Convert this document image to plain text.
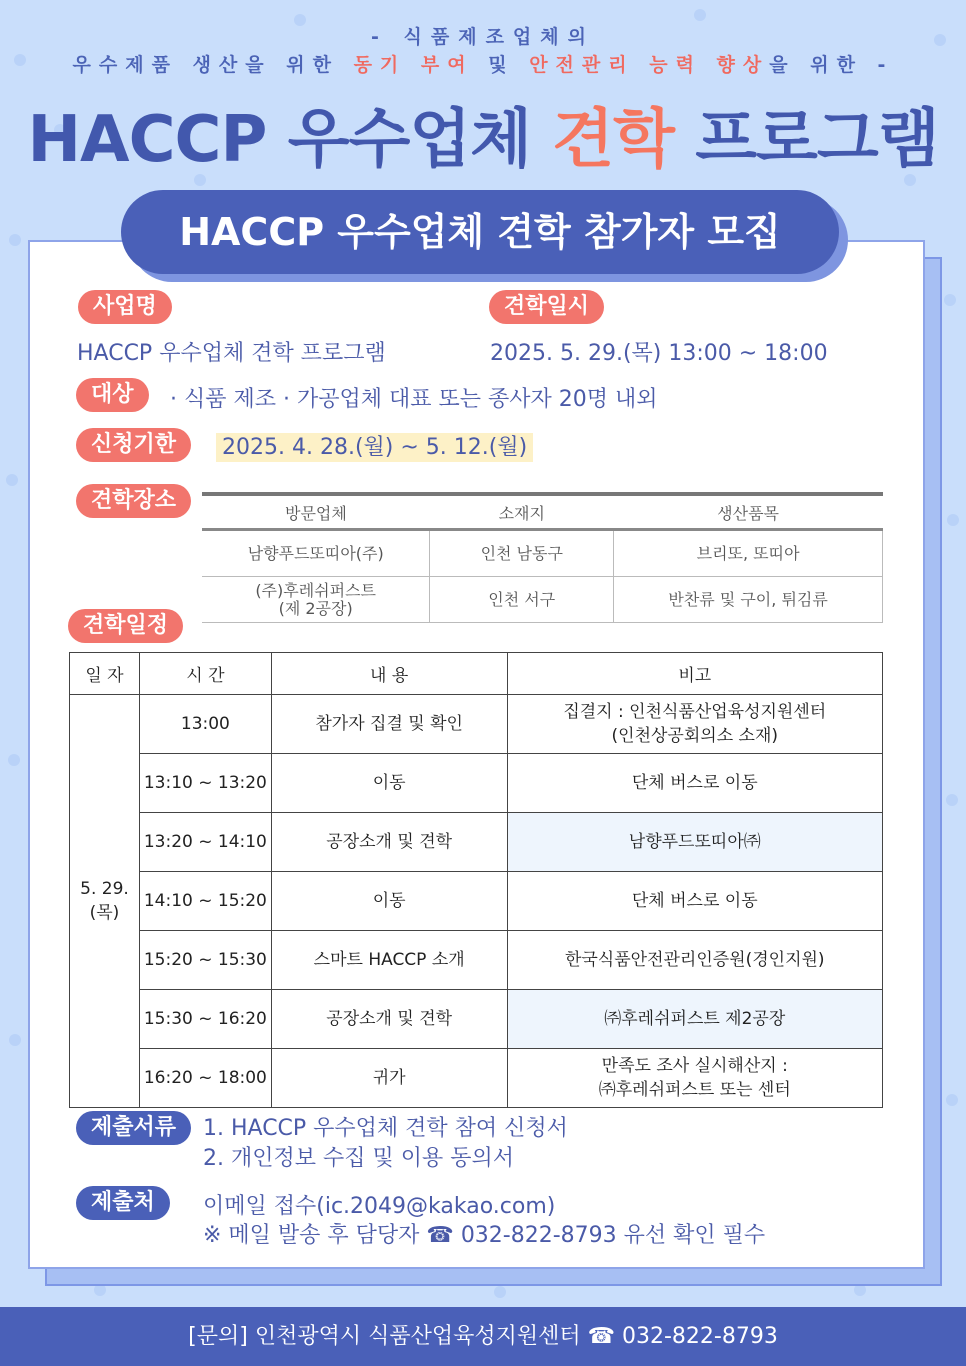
- 식품제조업체의
우수제품 생산을 위한 동기 부여 및 안전관리 능력 향상을 위한 -
HACCP 우수업체 견학 프로그램
HACCP 우수업체 견학 참가자 모집
사업명
HACCP 우수업체 견학 프로그램
견학일시
2025. 5. 29.(목) 13:00 ~ 18:00
대상	· 식품 제조 · 가공업체 대표 또는 종사자 20명 내외
신청기한	2025. 4. 28.(월) ~ 5. 12.(월)
견학장소	방문업체	소재지	생산품목
남향푸드또띠아(주)	인천 남동구	브리또, 또띠아
(주)후레쉬퍼스트
(제 2공장)	인천 서구	반찬류 및 구이, 튀김류
견학일정
일 자	시 간	내 용	비고
5. 29.
(목)	13:00	참가자 집결 및 확인	집결지 : 인천식품산업육성지원센터
(인천상공회의소 소재)
	13:10 ~ 13:20	이동	단체 버스로 이동
	13:20 ~ 14:10	공장소개 및 견학	남향푸드또띠아㈜
	14:10 ~ 15:20	이동	단체 버스로 이동
	15:20 ~ 15:30	스마트 HACCP 소개	한국식품안전관리인증원(경인지원)
	15:30 ~ 16:20	공장소개 및 견학	㈜후레쉬퍼스트 제2공장
	16:20 ~ 18:00	귀가	만족도 조사 실시해산지 :
㈜후레쉬퍼스트 또는 센터
제출서류	1. HACCP 우수업체 견학 참여 신청서
2. 개인정보 수집 및 이용 동의서
제출처	이메일 접수(ic.2049@kakao.com)
※ 메일 발송 후 담당자 ☎ 032-822-8793 유선 확인 필수
[문의] 인천광역시 식품산업육성지원센터 ☎ 032-822-8793
